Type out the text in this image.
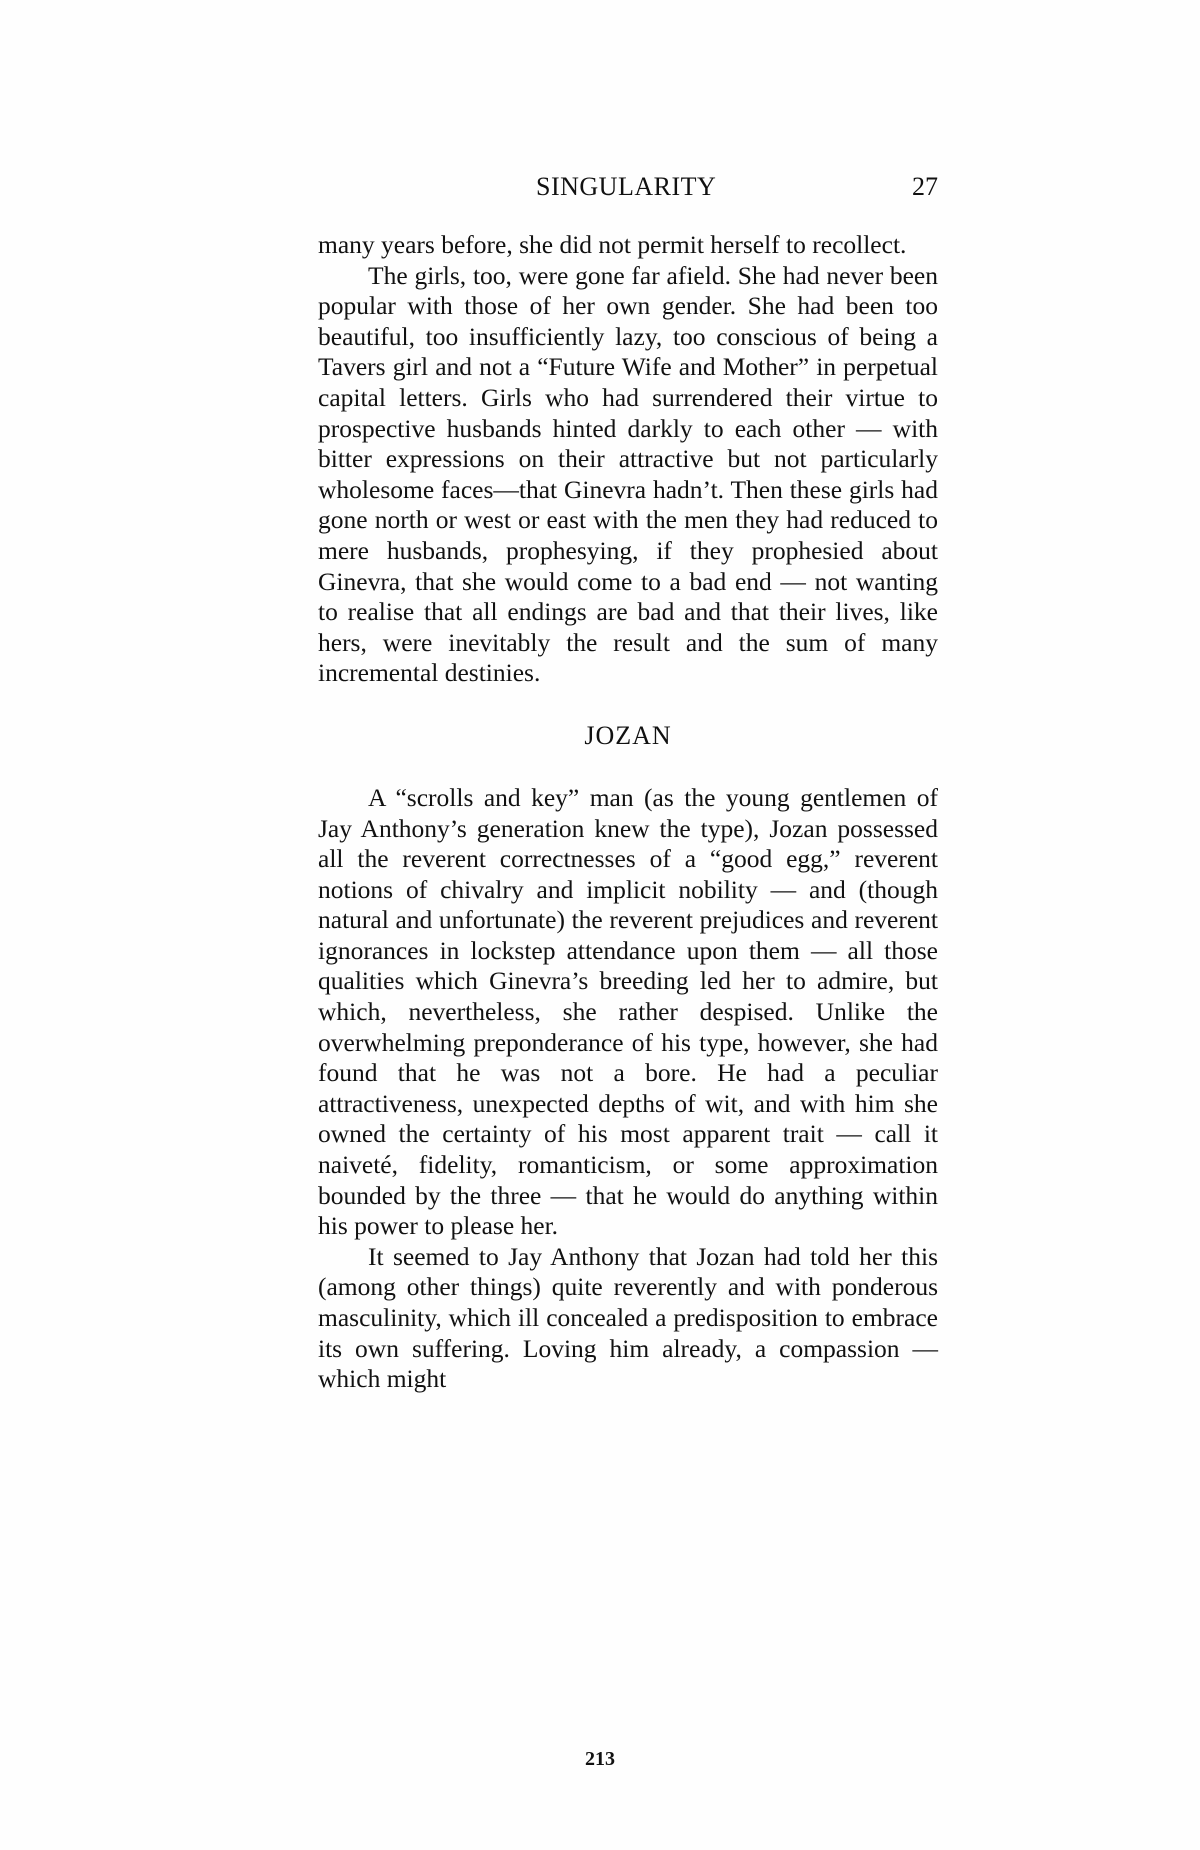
SINGULARITY	27

many years before, she did not permit herself to recollect.

The girls, too, were gone far afield. She had never been popular with those of her own gender. She had been too beautiful, too insufficiently lazy, too conscious of being a Tavers girl and not a “Future Wife and Mother” in perpetual capital letters. Girls who had surrendered their virtue to prospective husbands hinted darkly to each other — with bitter expressions on their attractive but not particularly wholesome faces—that Ginevra hadn’t. Then these girls had gone north or west or east with the men they had reduced to mere husbands, prophesying, if they prophesied about Ginevra, that she would come to a bad end — not wanting to realise that all endings are bad and that their lives, like hers, were inevitably the result and the sum of many incremental destinies.

JOZAN

A “scrolls and key” man (as the young gentlemen of Jay Anthony’s generation knew the type), Jozan possessed all the reverent correctnesses of a “good egg,” reverent notions of chivalry and implicit nobility — and (though natural and unfortunate) the reverent prejudices and reverent ignorances in lockstep attendance upon them — all those qualities which Ginevra’s breeding led her to admire, but which, nevertheless, she rather despised. Unlike the overwhelming preponderance of his type, however, she had found that he was not a bore. He had a peculiar attractiveness, unexpected depths of wit, and with him she owned the certainty of his most apparent trait — call it naiveté, fidelity, romanticism, or some approximation bounded by the three — that he would do anything within his power to please her.

It seemed to Jay Anthony that Jozan had told her this (among other things) quite reverently and with ponderous masculinity, which ill concealed a predisposition to embrace its own suffering. Loving him already, a compassion — which might

213
